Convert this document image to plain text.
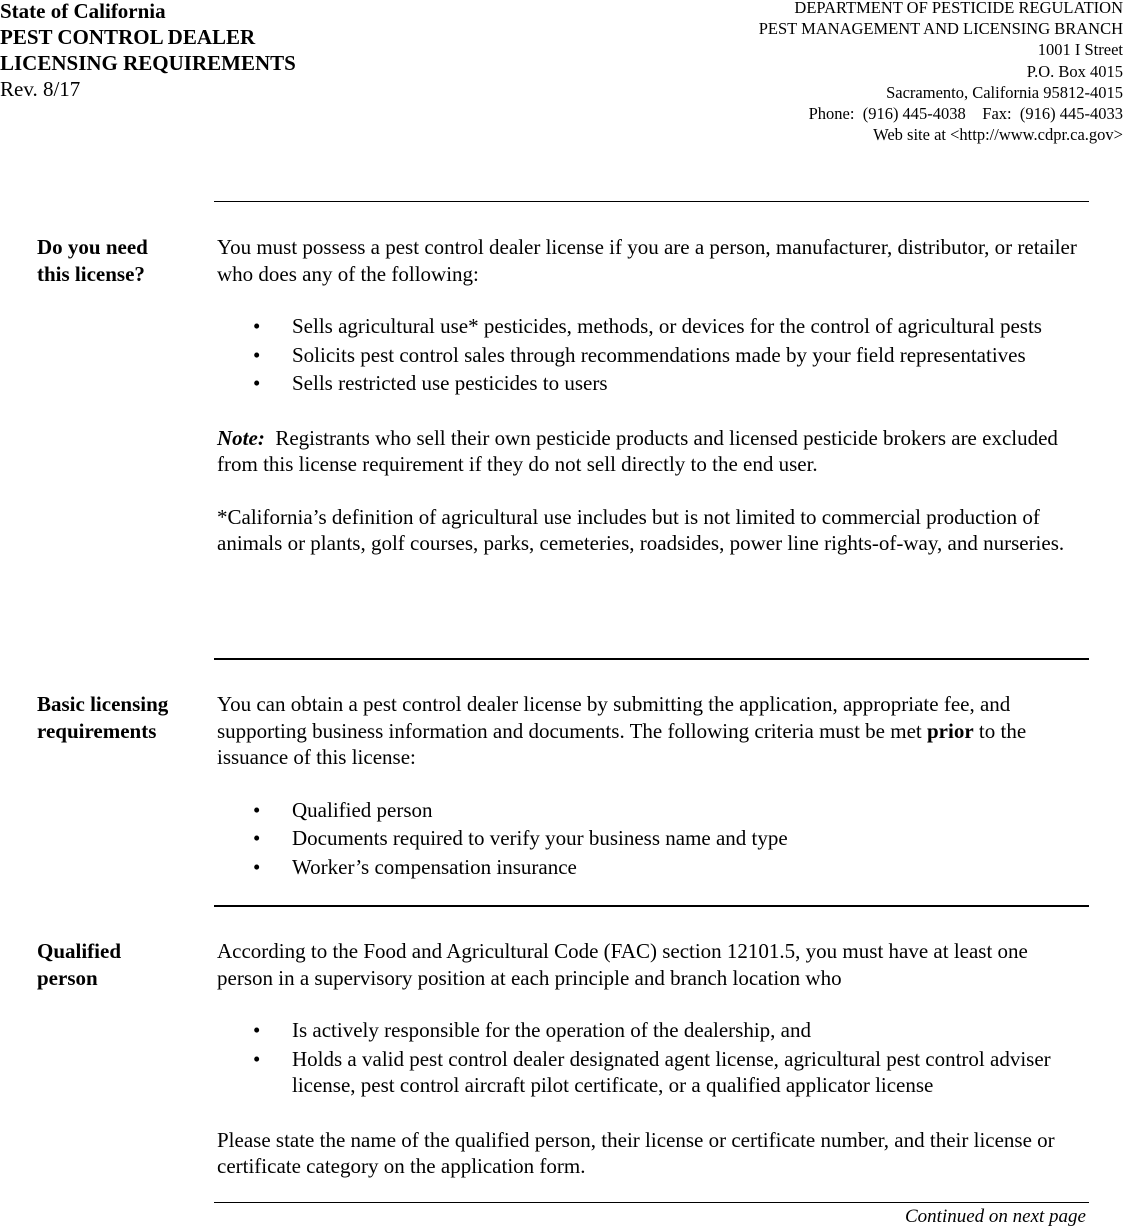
State of California
PEST CONTROL DEALER
LICENSING REQUIREMENTS
Rev. 8/17
DEPARTMENT OF PESTICIDE REGULATION
PEST MANAGEMENT AND LICENSING BRANCH
1001 I Street
P.O. Box 4015
Sacramento, California 95812-4015
Phone:  (916) 445-4038    Fax:  (916) 445-4033
Web site at <http://www.cdpr.ca.gov>
Do you need
this license?

You must possess a pest control dealer license if you are a person, manufacturer, distributor, or retailer who does any of the following:

• Sells agricultural use* pesticides, methods, or devices for the control of agricultural pests
• Solicits pest control sales through recommendations made by your field representatives
• Sells restricted use pesticides to users

Note: Registrants who sell their own pesticide products and licensed pesticide brokers are excluded from this license requirement if they do not sell directly to the end user.

*California’s definition of agricultural use includes but is not limited to commercial production of animals or plants, golf courses, parks, cemeteries, roadsides, power line rights-of-way, and nurseries.

Basic licensing
requirements

You can obtain a pest control dealer license by submitting the application, appropriate fee, and supporting business information and documents. The following criteria must be met prior to the issuance of this license:

• Qualified person
• Documents required to verify your business name and type
• Worker’s compensation insurance
Qualified
person

According to the Food and Agricultural Code (FAC) section 12101.5, you must have at least one person in a supervisory position at each principle and branch location who

• Is actively responsible for the operation of the dealership, and
• Holds a valid pest control dealer designated agent license, agricultural pest control adviser license, pest control aircraft pilot certificate, or a qualified applicator license

Please state the name of the qualified person, their license or certificate number, and their license or certificate category on the application form.

Continued on next page
